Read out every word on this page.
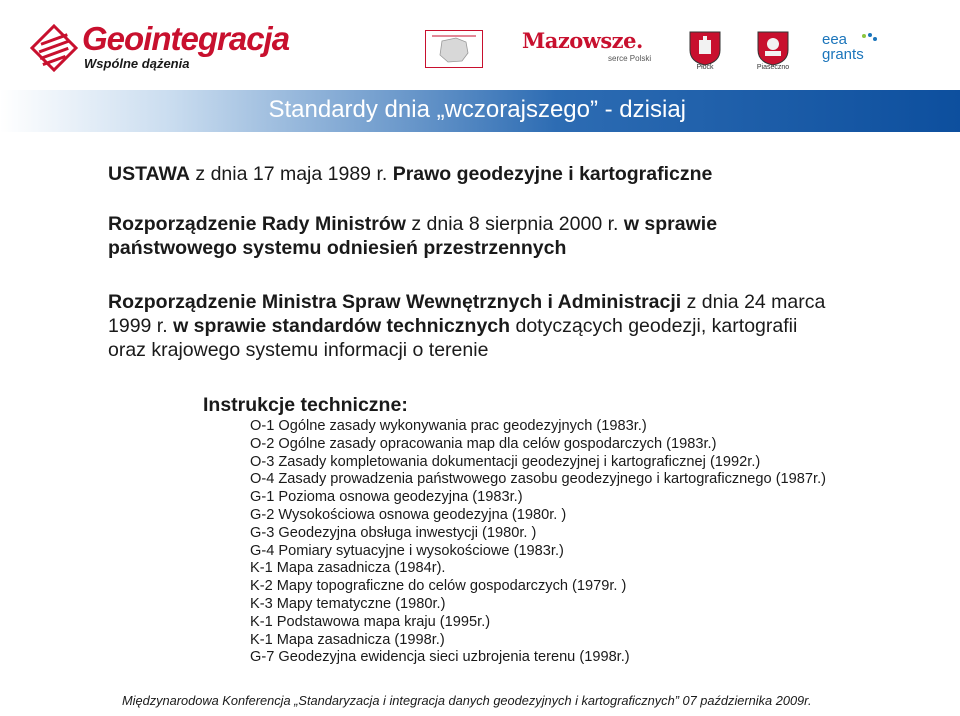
Geointegracja
Wspólne dążenia
Mazowsze.
serce Polski
Płock	Piaseczno
eea
grants
Standardy dnia „wczorajszego” - dzisiaj
USTAWA z dnia 17 maja 1989 r. Prawo geodezyjne i kartograficzne
Rozporządzenie Rady Ministrów z dnia 8 sierpnia 2000 r. w sprawie
państwowego systemu odniesień przestrzennych
Rozporządzenie Ministra Spraw Wewnętrznych i Administracji z dnia 24 marca
1999 r. w sprawie standardów technicznych dotyczących geodezji, kartografii
oraz krajowego systemu informacji o terenie
Instrukcje techniczne:
O-1 Ogólne zasady wykonywania prac geodezyjnych (1983r.)
O-2 Ogólne zasady opracowania map dla celów gospodarczych (1983r.)
O-3 Zasady kompletowania dokumentacji geodezyjnej i kartograficznej (1992r.)
O-4 Zasady prowadzenia państwowego zasobu geodezyjnego i kartograficznego (1987r.)
G-1 Pozioma osnowa geodezyjna (1983r.)
G-2 Wysokościowa osnowa geodezyjna (1980r. )
G-3 Geodezyjna obsługa inwestycji (1980r. )
G-4 Pomiary sytuacyjne i wysokościowe (1983r.)
K-1 Mapa zasadnicza (1984r).
K-2 Mapy topograficzne do celów gospodarczych (1979r. )
K-3 Mapy tematyczne (1980r.)
K-1 Podstawowa mapa kraju (1995r.)
K-1 Mapa zasadnicza (1998r.)
G-7 Geodezyjna ewidencja sieci uzbrojenia terenu (1998r.)
Międzynarodowa Konferencja „Standaryzacja i integracja danych geodezyjnych i kartograficznych” 07 października 2009r.
